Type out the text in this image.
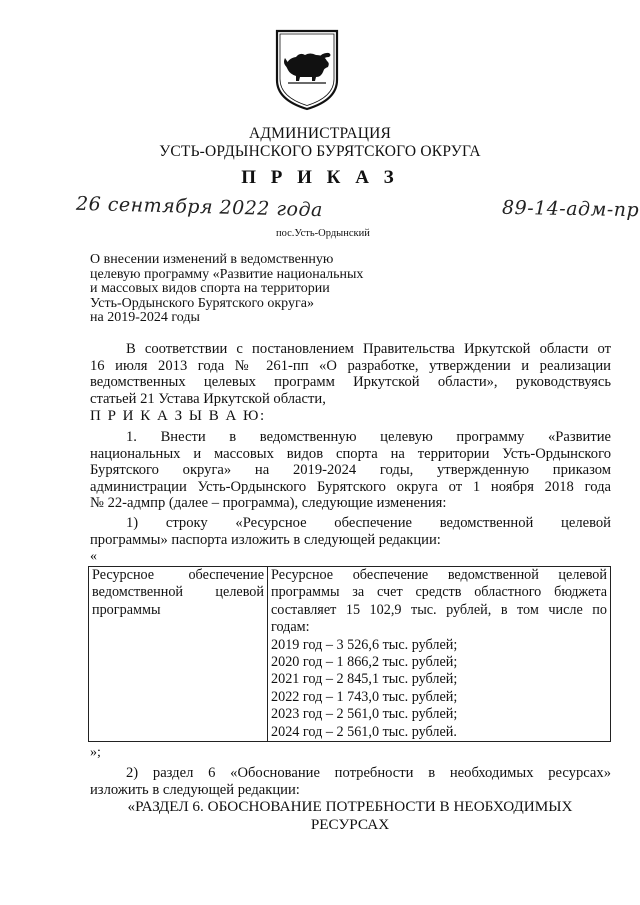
АДМИНИСТРАЦИЯ
УСТЬ-ОРДЫНСКОГО БУРЯТСКОГО ОКРУГА
П Р И К А З
26 сентября 2022 года	89-14-адм-пр
пос.Усть-Ордынский
О внесении изменений в ведомственную
целевую программу «Развитие национальных
и массовых видов спорта на территории
Усть-Ордынского Бурятского округа»
на 2019-2024 годы
В соответствии с постановлением Правительства Иркутской области от
16 июля 2013 года № 261-пп «О разработке, утверждении и реализации
ведомственных целевых программ Иркутской области», руководствуясь
статьей 21 Устава Иркутской области,
П Р И К А З Ы В А Ю:
1. Внести в ведомственную целевую программу «Развитие
национальных и массовых видов спорта на территории Усть-Ордынского
Бурятского округа» на 2019-2024 годы, утвержденную приказом
администрации Усть-Ордынского Бурятского округа от 1 ноября 2018 года
№ 22-адмпр (далее – программа), следующие изменения:
1) строку «Ресурсное обеспечение ведомственной целевой
программы» паспорта изложить в следующей редакции:
«
Ресурсное обеспечение ведомственной целевой программы

Ресурсное обеспечение ведомственной целевой
программы за счет средств областного бюджета
составляет 15 102,9 тыс. рублей, в том числе по
годам:
2019 год – 3 526,6 тыс. рублей;
2020 год – 1 866,2 тыс. рублей;
2021 год – 2 845,1 тыс. рублей;
2022 год – 1 743,0 тыс. рублей;
2023 год – 2 561,0 тыс. рублей;
2024 год – 2 561,0 тыс. рублей.
»;
2) раздел 6 «Обоснование потребности в необходимых ресурсах»
изложить в следующей редакции:
«РАЗДЕЛ 6. ОБОСНОВАНИЕ ПОТРЕБНОСТИ В НЕОБХОДИМЫХ
РЕСУРСАХ
